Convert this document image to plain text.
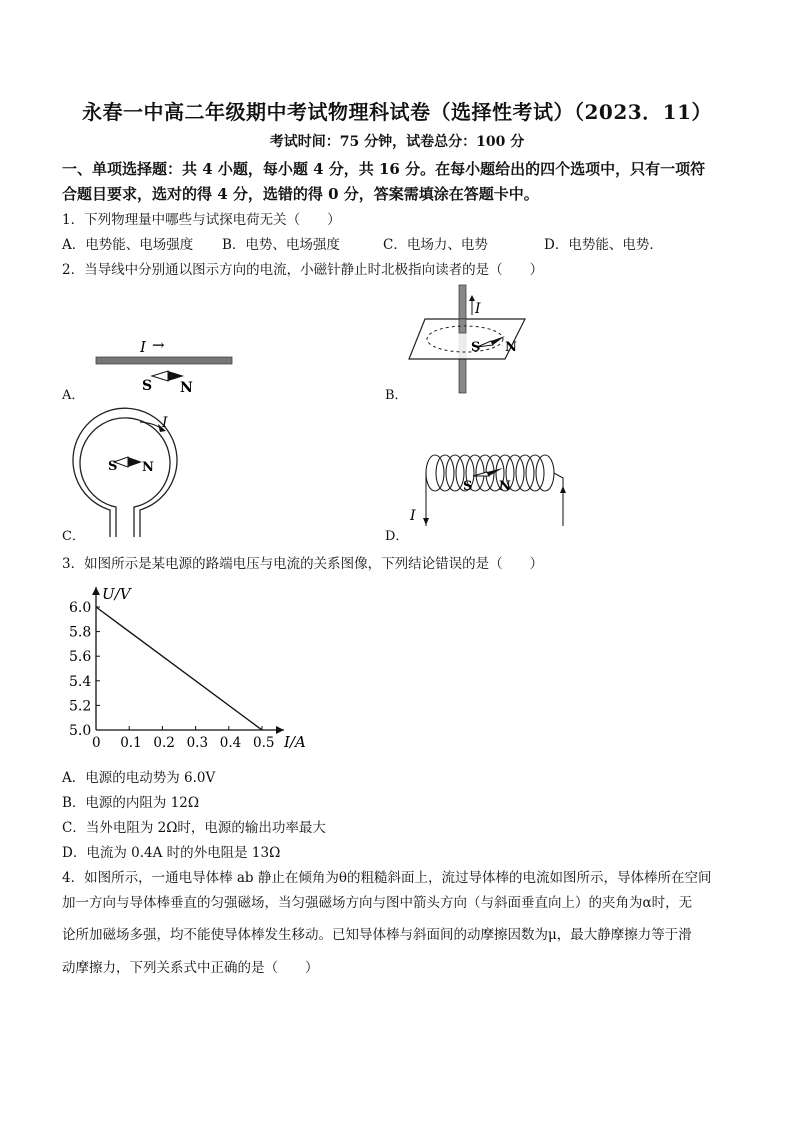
永春一中高二年级期中考试物理科试卷（选择性考试）（2023．11）
考试时间：75 分钟，试卷总分：100 分
一、单项选择题：共 4 小题，每小题 4 分，共 16 分。在每小题给出的四个选项中，只有一项符
合题目要求，选对的得 4 分，选错的得 0 分，答案需填涂在答题卡中。
1．下列物理量中哪些与试探电荷无关（　　）
A．电势能、电场强度 B．电势、电场强度	C．电场力、电势	D．电势能、电势．
2．当导线中分别通以图示方向的电流，小磁针静止时北极指向读者的是（　　）
I →
S N
A．
I
S N
B．
I
S N
C．
I
S N
D．
3．如图所示是某电源的路端电压与电流的关系图像，下列结论错误的是（　　）
U/V
I/A
5.0
5.2
5.4
5.6
5.8
6.0
0 0.1 0.2 0.3 0.4 0.5
A．电源的电动势为 6.0V
B．电源的内阻为 12Ω
C．当外电阻为 2Ω时，电源的输出功率最大
D．电流为 0.4A 时的外电阻是 13Ω
4．如图所示，一通电导体棒 ab 静止在倾角为θ的粗糙斜面上，流过导体棒的电流如图所示，导体棒所在空间
加一方向与导体棒垂直的匀强磁场，当匀强磁场方向与图中箭头方向（与斜面垂直向上）的夹角为α时，无
论所加磁场多强，均不能使导体棒发生移动。已知导体棒与斜面间的动摩擦因数为μ，最大静摩擦力等于滑
动摩擦力，下列关系式中正确的是（　　）
